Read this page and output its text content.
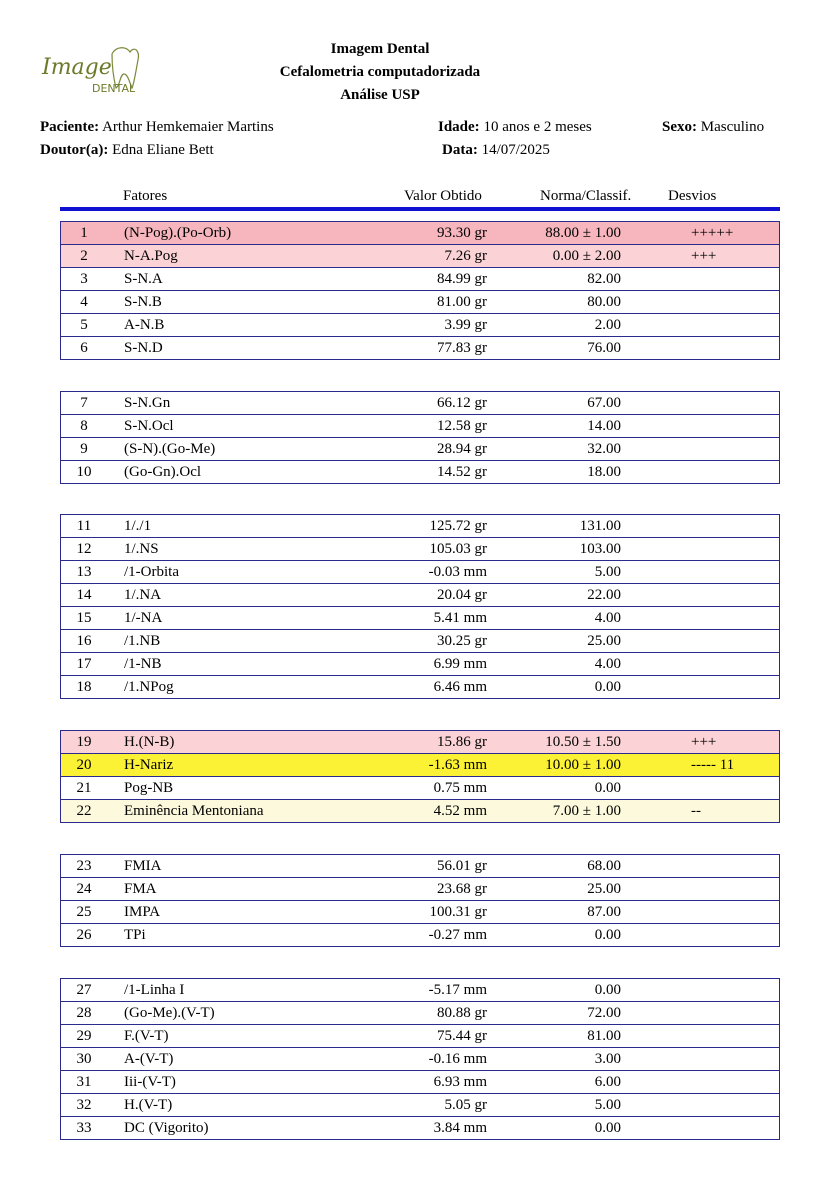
Image
DENTAL
Imagem Dental
Cefalometria computadorizada
Análise USP
Paciente: Arthur Hemkemaier Martins	Idade: 10 anos e 2 meses	Sexo: Masculino
Doutor(a): Edna Eliane Bett	Data: 14/07/2025
Fatores	Valor Obtido	Norma/Classif. Desvios
1	(N-Pog).(Po-Orb)	93.30 gr	88.00 ± 1.00	+++++
2	N-A.Pog	7.26 gr	0.00 ± 2.00	+++
3	S-N.A	84.99 gr	82.00
4	S-N.B	81.00 gr	80.00
5	A-N.B	3.99 gr	2.00
6	S-N.D	77.83 gr	76.00
7	S-N.Gn	66.12 gr	67.00
8	S-N.Ocl	12.58 gr	14.00
9	(S-N).(Go-Me)	28.94 gr	32.00
10	(Go-Gn).Ocl	14.52 gr	18.00
11	1/./1	125.72 gr	131.00
12	1/.NS	105.03 gr	103.00
13	/1-Orbita	-0.03 mm	5.00
14	1/.NA	20.04 gr	22.00
15	1/-NA	5.41 mm	4.00
16	/1.NB	30.25 gr	25.00
17	/1-NB	6.99 mm	4.00
18	/1.NPog	6.46 mm	0.00
19	H.(N-B)	15.86 gr	10.50 ± 1.50	+++
20	H-Nariz	-1.63 mm	10.00 ± 1.00	----- 11
21	Pog-NB	0.75 mm	0.00
22	Eminência Mentoniana	4.52 mm	7.00 ± 1.00	--
23	FMIA	56.01 gr	68.00
24	FMA	23.68 gr	25.00
25	IMPA	100.31 gr	87.00
26	TPi	-0.27 mm	0.00
27	/1-Linha I	-5.17 mm	0.00
28	(Go-Me).(V-T)	80.88 gr	72.00
29	F.(V-T)	75.44 gr	81.00
30	A-(V-T)	-0.16 mm	3.00
31	Iii-(V-T)	6.93 mm	6.00
32	H.(V-T)	5.05 gr	5.00
33	DC (Vigorito)	3.84 mm	0.00
